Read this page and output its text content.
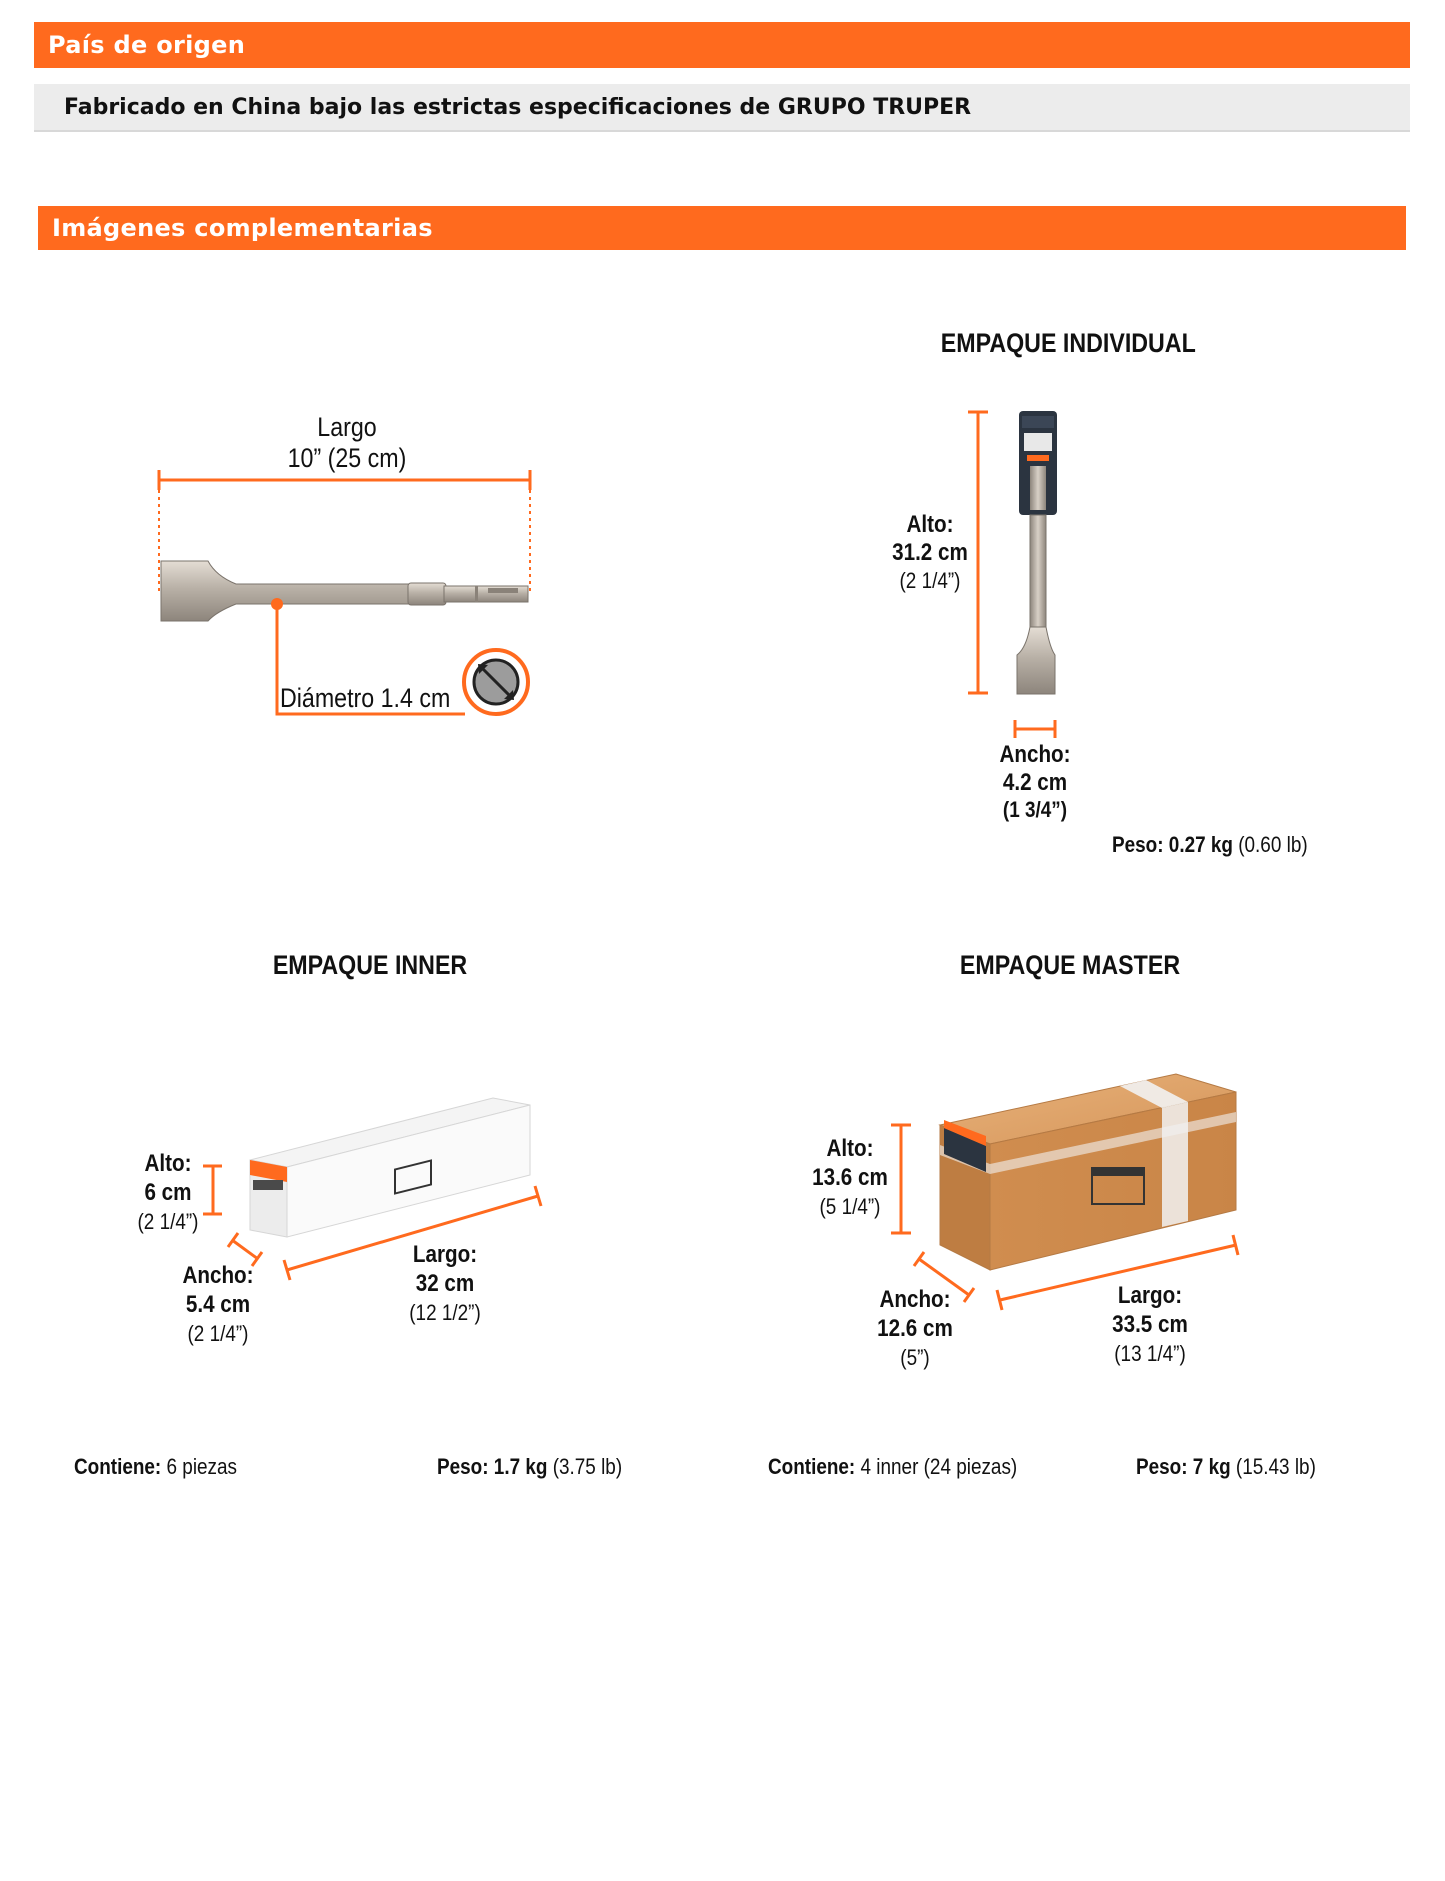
País de origen
Fabricado en China bajo las estrictas especificaciones de GRUPO TRUPER
Imágenes complementarias
Largo
10” (25 cm)
Diámetro 1.4 cm
EMPAQUE INDIVIDUAL
Alto:
31.2 cm
(2 1/4”)
Ancho:
4.2 cm
(1 3/4”)
Peso: 0.27 kg (0.60 lb)
EMPAQUE INNER
Alto:
6 cm
(2 1/4”)
Ancho:
5.4 cm
(2 1/4”)
Largo:
32 cm
(12 1/2”)
Contiene: 6 piezas	Peso: 1.7 kg (3.75 lb)
EMPAQUE MASTER
Alto:
13.6 cm
(5 1/4”)
Ancho:
12.6 cm
(5”)
Largo:
33.5 cm
(13 1/4”)
Contiene: 4 inner (24 piezas)	Peso: 7 kg (15.43 lb)
